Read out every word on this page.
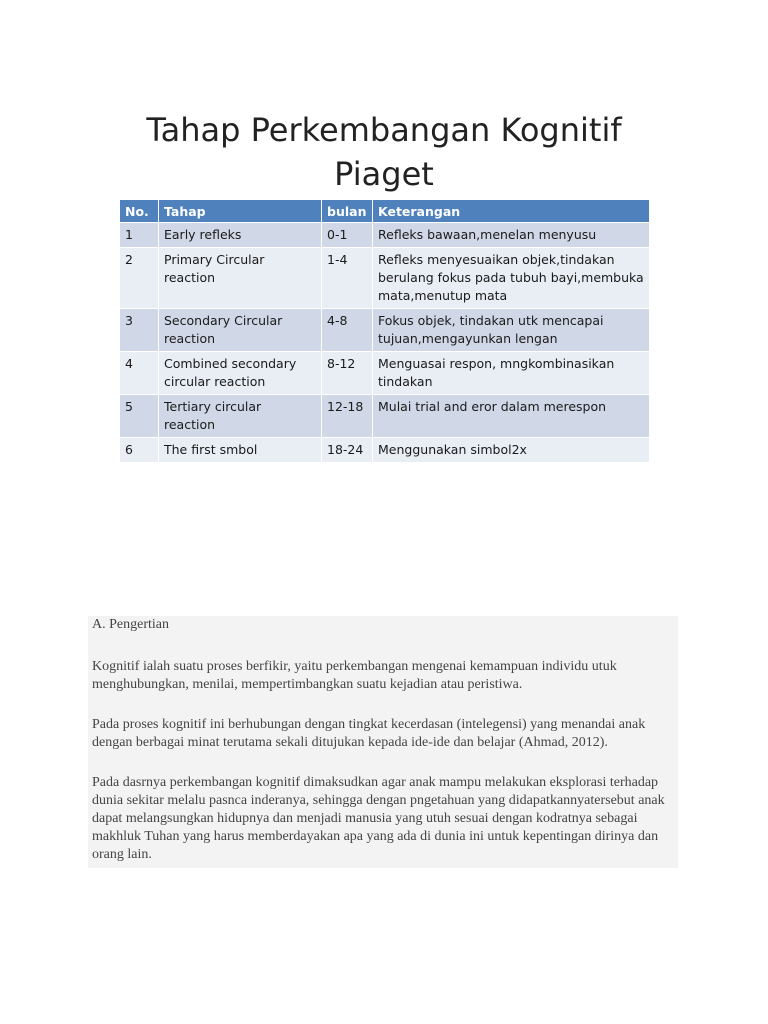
Tahap Perkembangan Kognitif
Piaget
No.	Tahap	bulan	Keterangan
1	Early refleks	0-1	Refleks bawaan,menelan menyusu
2	Primary Circular reaction	1-4	Refleks menyesuaikan objek,tindakan berulang fokus pada tubuh bayi,membuka mata,menutup mata
3	Secondary Circular reaction	4-8	Fokus objek, tindakan utk mencapai tujuan,mengayunkan lengan
4	Combined secondary circular reaction	8-12	Menguasai respon, mngkombinasikan tindakan
5	Tertiary circular reaction	12-18	Mulai trial and eror dalam merespon
6	The first smbol	18-24	Menggunakan simbol2x

A. Pengertian

Kognitif ialah suatu proses berfikir, yaitu perkembangan mengenai kemampuan individu utuk menghubungkan, menilai, mempertimbangkan suatu kejadian atau peristiwa.

Pada proses kognitif ini berhubungan dengan tingkat kecerdasan (intelegensi) yang menandai anak dengan berbagai minat terutama sekali ditujukan kepada ide-ide dan belajar (Ahmad, 2012).

Pada dasrnya perkembangan kognitif dimaksudkan agar anak mampu melakukan eksplorasi terhadap dunia sekitar melalu pasnca inderanya, sehingga dengan pngetahuan yang didapatkannyatersebut anak dapat melangsungkan hidupnya dan menjadi manusia yang utuh sesuai dengan kodratnya sebagai makhluk Tuhan yang harus memberdayakan apa yang ada di dunia ini untuk kepentingan dirinya dan orang lain.
